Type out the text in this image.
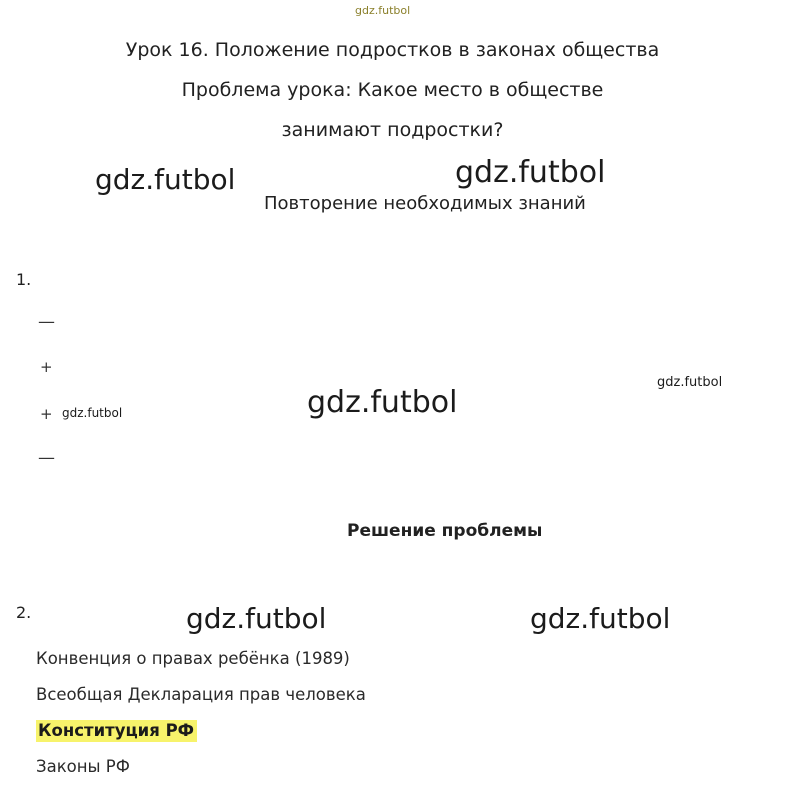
gdz.futbol
Урок 16. Положение подростков в законах общества
Проблема урока: Какое место в обществе
занимают подростки?
gdz.futbol	gdz.futbol
Повторение необходимых знаний
1.
—
+
+
—
gdz.futbol	gdz.futbol
gdz.futbol
Решение проблемы
2.	gdz.futbol	gdz.futbol
Конвенция о правах ребёнка (1989)
Всеобщая Декларация прав человека
Конституция РФ
Законы РФ
